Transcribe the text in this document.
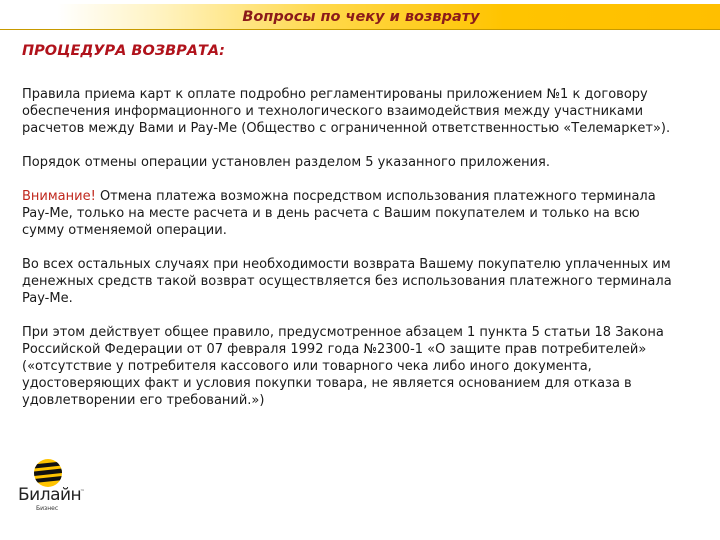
Вопросы по чеку и возврату
ПРОЦЕДУРА ВОЗВРАТА:

Правила приема карт к оплате подробно регламентированы приложением №1 к договору обеспечения информационного и технологического взаимодействия между участниками расчетов между Вами и Pay-Me (Общество с ограниченной ответственностью «Телемаркет»).

Порядок отмены операции установлен разделом 5 указанного приложения.

Внимание! Отмена платежа возможна посредством использования платежного терминала Pay-Me, только на месте расчета и в день расчета с Вашим покупателем и только на всю сумму отменяемой операции.

Во всех остальных случаях при необходимости возврата Вашему покупателю уплаченных им денежных средств такой возврат осуществляется без использования платежного терминала Pay-Me.

При этом действует общее правило, предусмотренное абзацем 1 пункта 5 статьи 18 Закона Российской Федерации от 07 февраля 1992 года №2300-1 «О защите прав потребителей» («отсутствие у потребителя кассового или товарного чека либо иного документа, удостоверяющих факт и условия покупки товара, не является основанием для отказа в удовлетворении его требований.»)

Билайн
™
Бизнес
